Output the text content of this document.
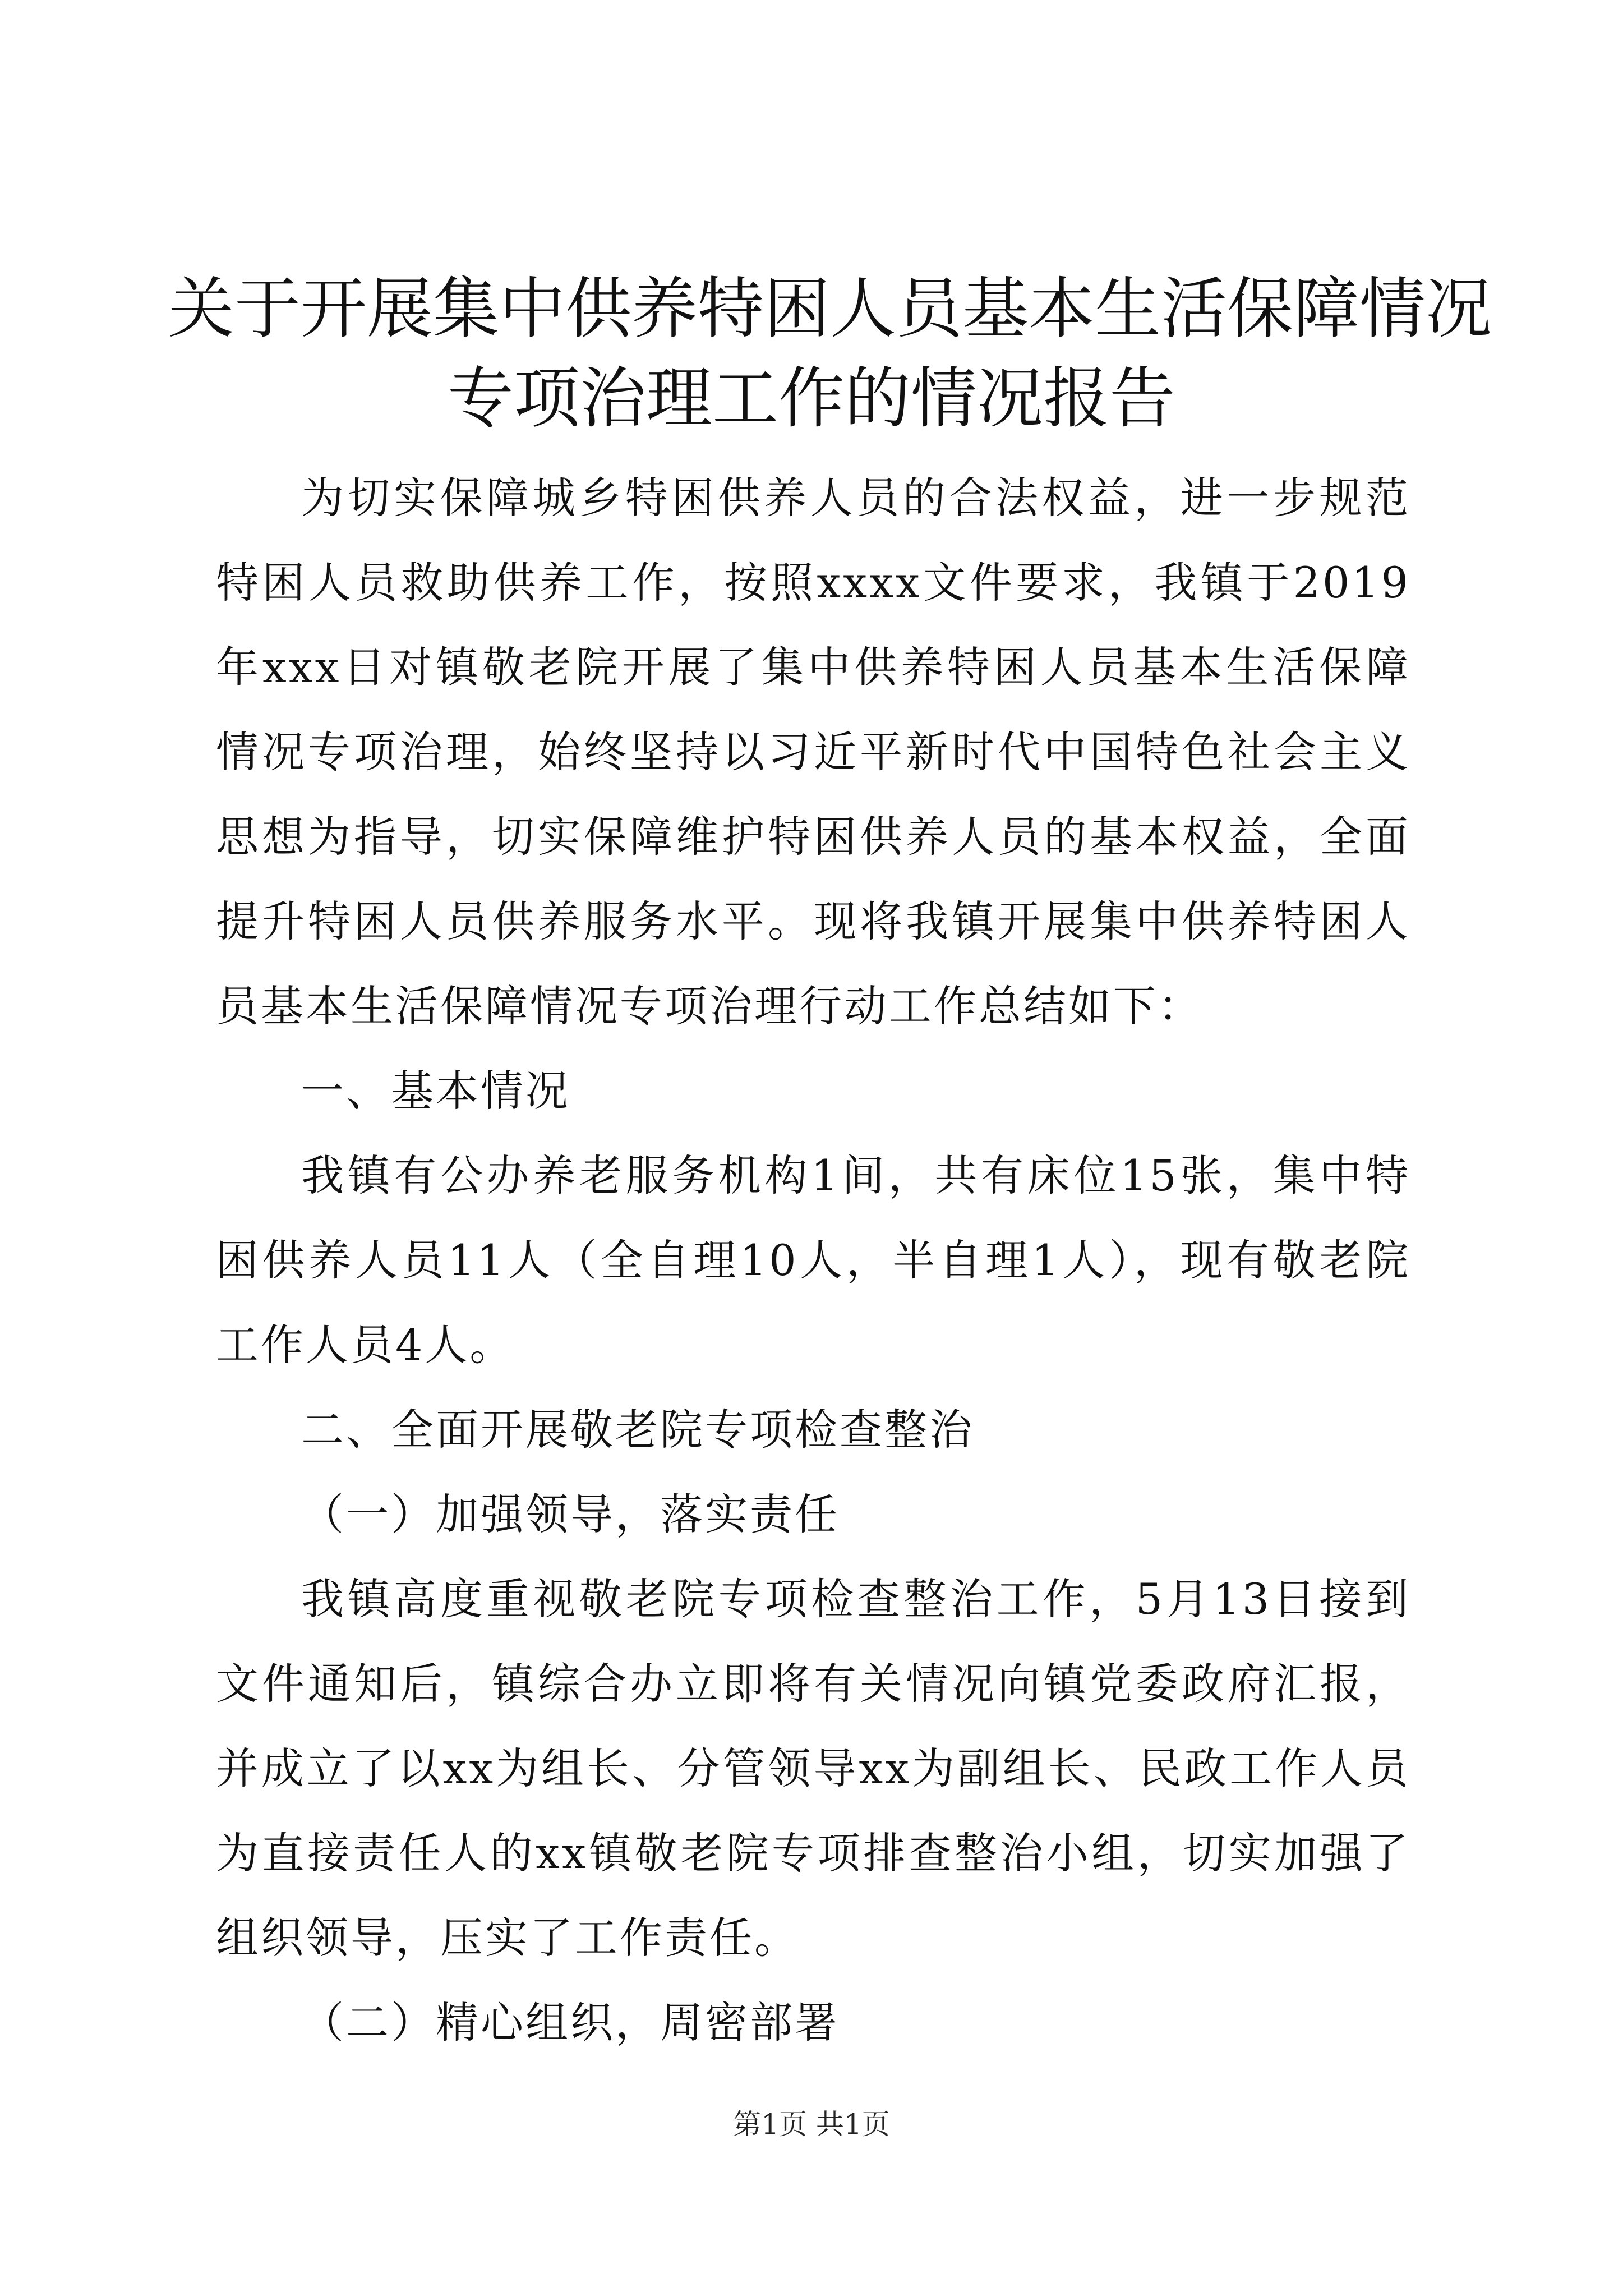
关于开展集中供养特困人员基本生活保障情况
专项治理工作的情况报告

为切实保障城乡特困供养人员的合法权益，进一步规范特困人员救助供养工作，按照xxxx文件要求，我镇于2019年xxx日对镇敬老院开展了集中供养特困人员基本生活保障情况专项治理，始终坚持以习近平新时代中国特色社会主义思想为指导，切实保障维护特困供养人员的基本权益，全面提升特困人员供养服务水平。现将我镇开展集中供养特困人员基本生活保障情况专项治理行动工作总结如下：

一、基本情况

我镇有公办养老服务机构1间，共有床位15张，集中特困供养人员11人（全自理10人，半自理1人），现有敬老院工作人员4人。

二、全面开展敬老院专项检查整治

（一）加强领导，落实责任

我镇高度重视敬老院专项检查整治工作，5月13日接到文件通知后，镇综合办立即将有关情况向镇党委政府汇报，并成立了以xx为组长、分管领导xx为副组长、民政工作人员为直接责任人的xx镇敬老院专项排查整治小组，切实加强了组织领导，压实了工作责任。

（二）精心组织，周密部署

第1页 共1页
